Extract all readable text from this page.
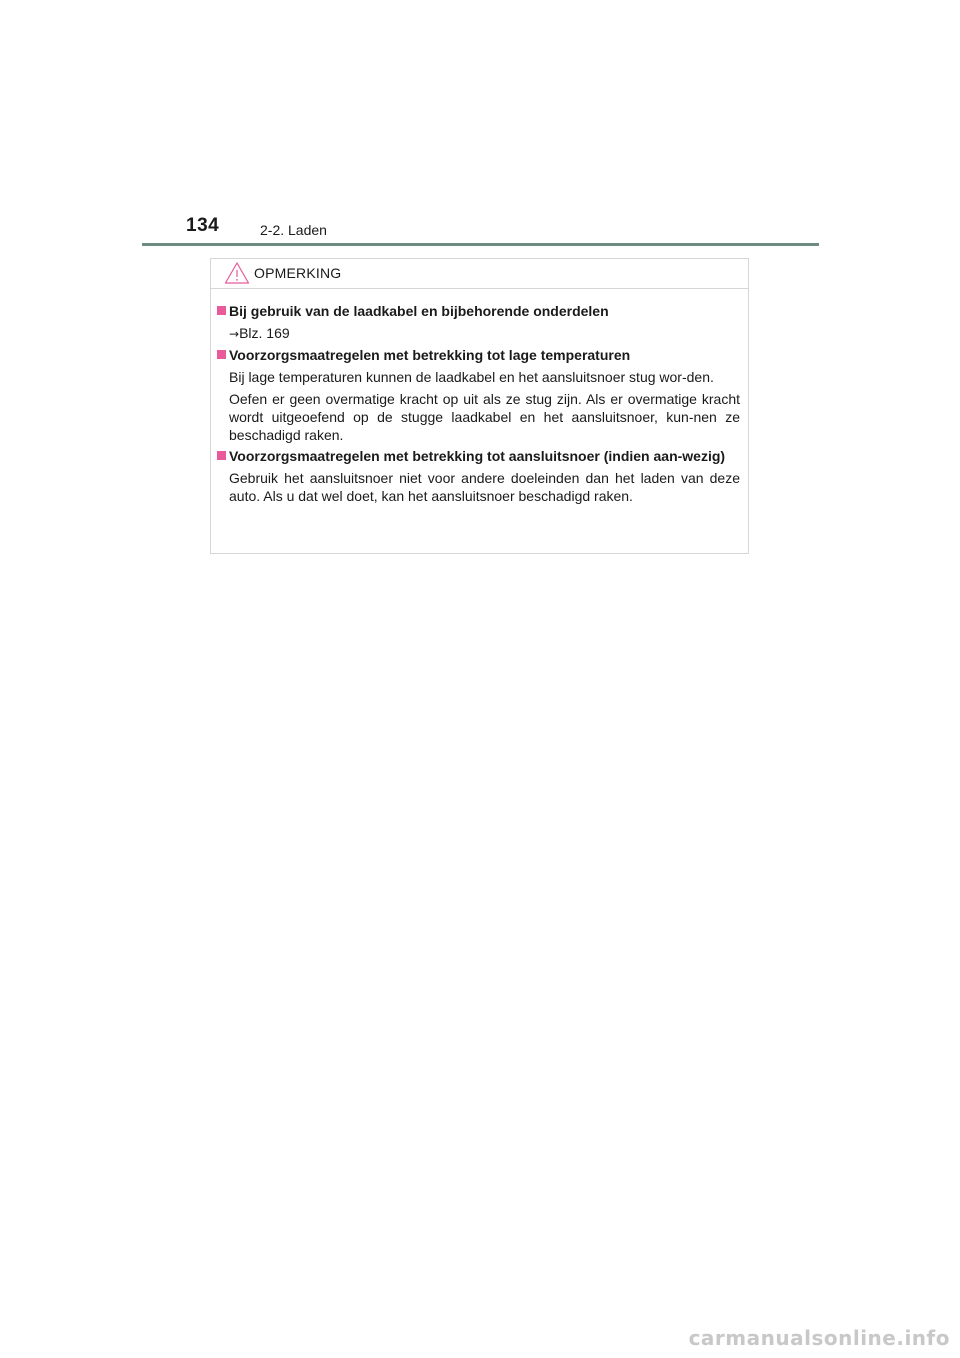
134	2-2. Laden
OPMERKING
Bij gebruik van de laadkabel en bijbehorende onderdelen
→Blz. 169
Voorzorgsmaatregelen met betrekking tot lage temperaturen
Bij lage temperaturen kunnen de laadkabel en het aansluitsnoer stug wor-den.
Oefen er geen overmatige kracht op uit als ze stug zijn. Als er overmatige kracht wordt uitgeoefend op de stugge laadkabel en het aansluitsnoer, kun-nen ze beschadigd raken.
Voorzorgsmaatregelen met betrekking tot aansluitsnoer (indien aan-wezig)
Gebruik het aansluitsnoer niet voor andere doeleinden dan het laden van deze auto. Als u dat wel doet, kan het aansluitsnoer beschadigd raken.
carmanualsonline.info
